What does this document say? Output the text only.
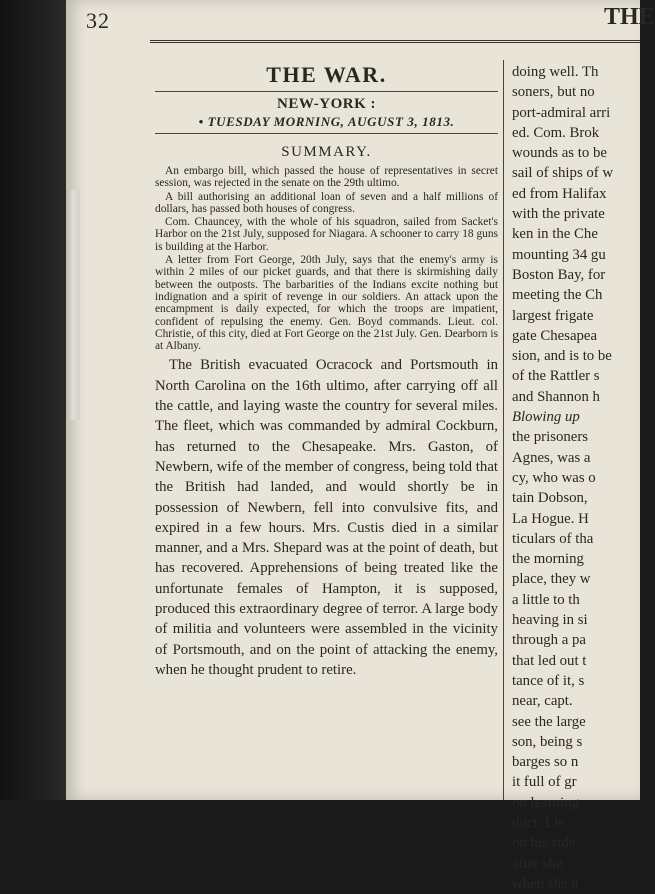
32	THE
THE WAR.
NEW-YORK :
• TUESDAY MORNING, AUGUST 3, 1813.
SUMMARY.

An embargo bill, which passed the house of representatives in secret session, was rejected in the senate on the 29th ultimo.

A bill authorising an additional loan of seven and a half millions of dollars, has passed both houses of congress.

Com. Chauncey, with the whole of his squadron, sailed from Sacket's Harbor on the 21st July, supposed for Niagara. A schooner to carry 18 guns is building at the Harbor.

A letter from Fort George, 20th July, says that the enemy's army is within 2 miles of our picket guards, and that there is skirmishing daily between the outposts. The barbarities of the Indians excite nothing but indignation and a spirit of revenge in our soldiers. An attack upon the encampment is daily expected, for which the troops are impatient, confident of repulsing the enemy. Gen. Boyd commands. Lieut. col. Christie, of this city, died at Fort George on the 21st July. Gen. Dearborn is at Albany.

The British evacuated Ocracock and Portsmouth in North Carolina on the 16th ultimo, after carrying off all the cattle, and laying waste the country for several miles. The fleet, which was commanded by admiral Cockburn, has returned to the Chesapeake. Mrs. Gaston, of Newbern, wife of the member of congress, being told that the British had landed, and would shortly be in possession of Newbern, fell into convulsive fits, and expired in a few hours. Mrs. Custis died in a similar manner, and a Mrs. Shepard was at the point of death, but has recovered. Apprehensions of being treated like the unfortunate females of Hampton, it is supposed, produced this extraordinary degree of terror. A large body of militia and volunteers were assembled in the vicinity of Portsmouth, and on the point of attacking the enemy, when he thought prudent to retire.

doing well. Th
soners, but no
port-admiral arri
ed. Com. Brok
wounds as to be
sail of ships of w
ed from Halifax
with the private
ken in the Che
mounting 34 gu
Boston Bay, for
meeting the Ch
largest frigate
gate Chesapea
sion, and is to be
of the Rattler s
and Shannon h
Blowing up
the prisoners
Agnes, was a
cy, who was o
tain Dobson,
La Hogue. H
ticulars of tha
the morning
place, they w
a little to th
heaving in si
through a pa
that led out t
tance of it, s
near, capt.
see the large
son, being s
barges so n
it full of gr
on learning
duct. Lie
on his side
after she
when she h
